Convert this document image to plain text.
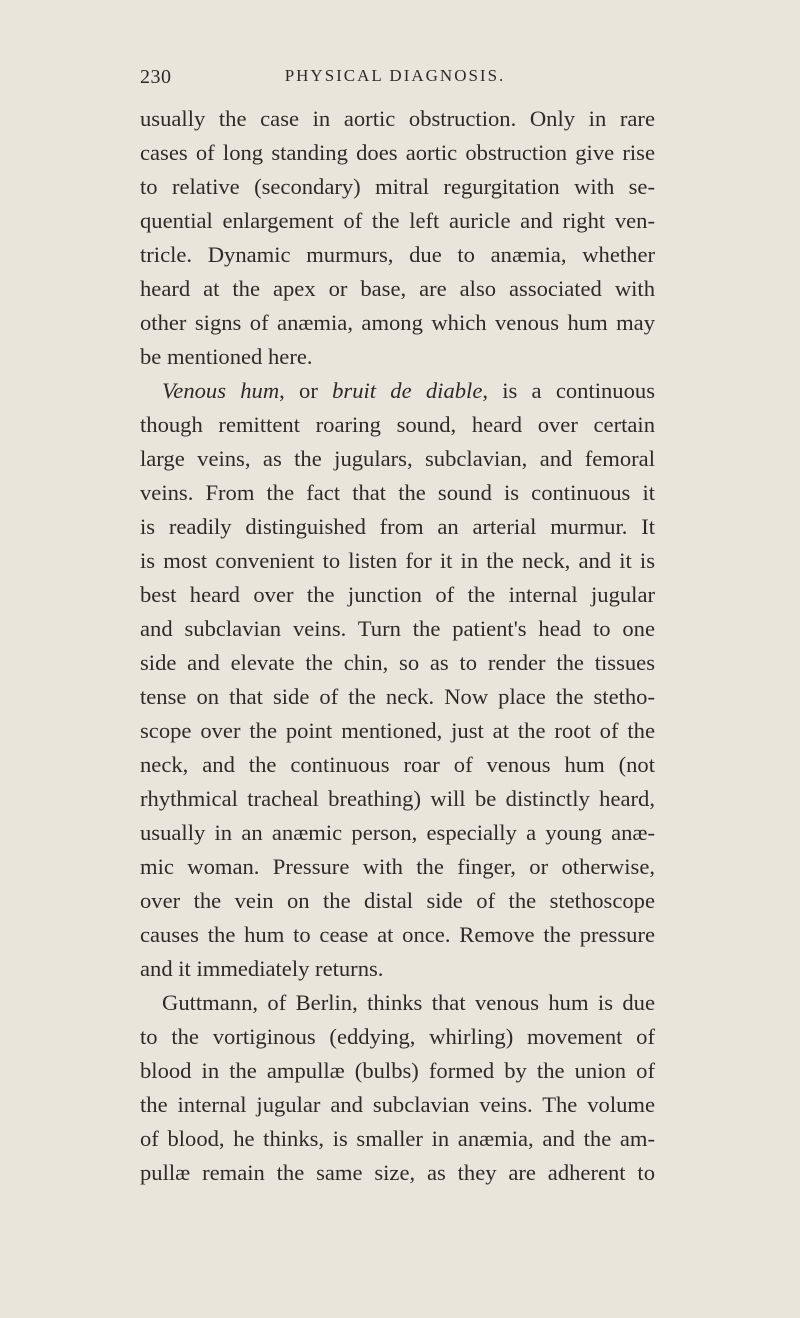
230	PHYSICAL DIAGNOSIS.
usually the case in aortic obstruction. Only in rare
cases of long standing does aortic obstruction give rise
to relative (secondary) mitral regurgitation with se-
quential enlargement of the left auricle and right ven-
tricle. Dynamic murmurs, due to anæmia, whether
heard at the apex or base, are also associated with
other signs of anæmia, among which venous hum may
be mentioned here.
Venous hum, or bruit de diable, is a continuous
though remittent roaring sound, heard over certain
large veins, as the jugulars, subclavian, and femoral
veins. From the fact that the sound is continuous it
is readily distinguished from an arterial murmur. It
is most convenient to listen for it in the neck, and it is
best heard over the junction of the internal jugular
and subclavian veins. Turn the patient's head to one
side and elevate the chin, so as to render the tissues
tense on that side of the neck. Now place the stetho-
scope over the point mentioned, just at the root of the
neck, and the continuous roar of venous hum (not
rhythmical tracheal breathing) will be distinctly heard,
usually in an anæmic person, especially a young anæ-
mic woman. Pressure with the finger, or otherwise,
over the vein on the distal side of the stethoscope
causes the hum to cease at once. Remove the pressure
and it immediately returns.
Guttmann, of Berlin, thinks that venous hum is due
to the vortiginous (eddying, whirling) movement of
blood in the ampullæ (bulbs) formed by the union of
the internal jugular and subclavian veins. The volume
of blood, he thinks, is smaller in anæmia, and the am-
pullæ remain the same size, as they are adherent to
